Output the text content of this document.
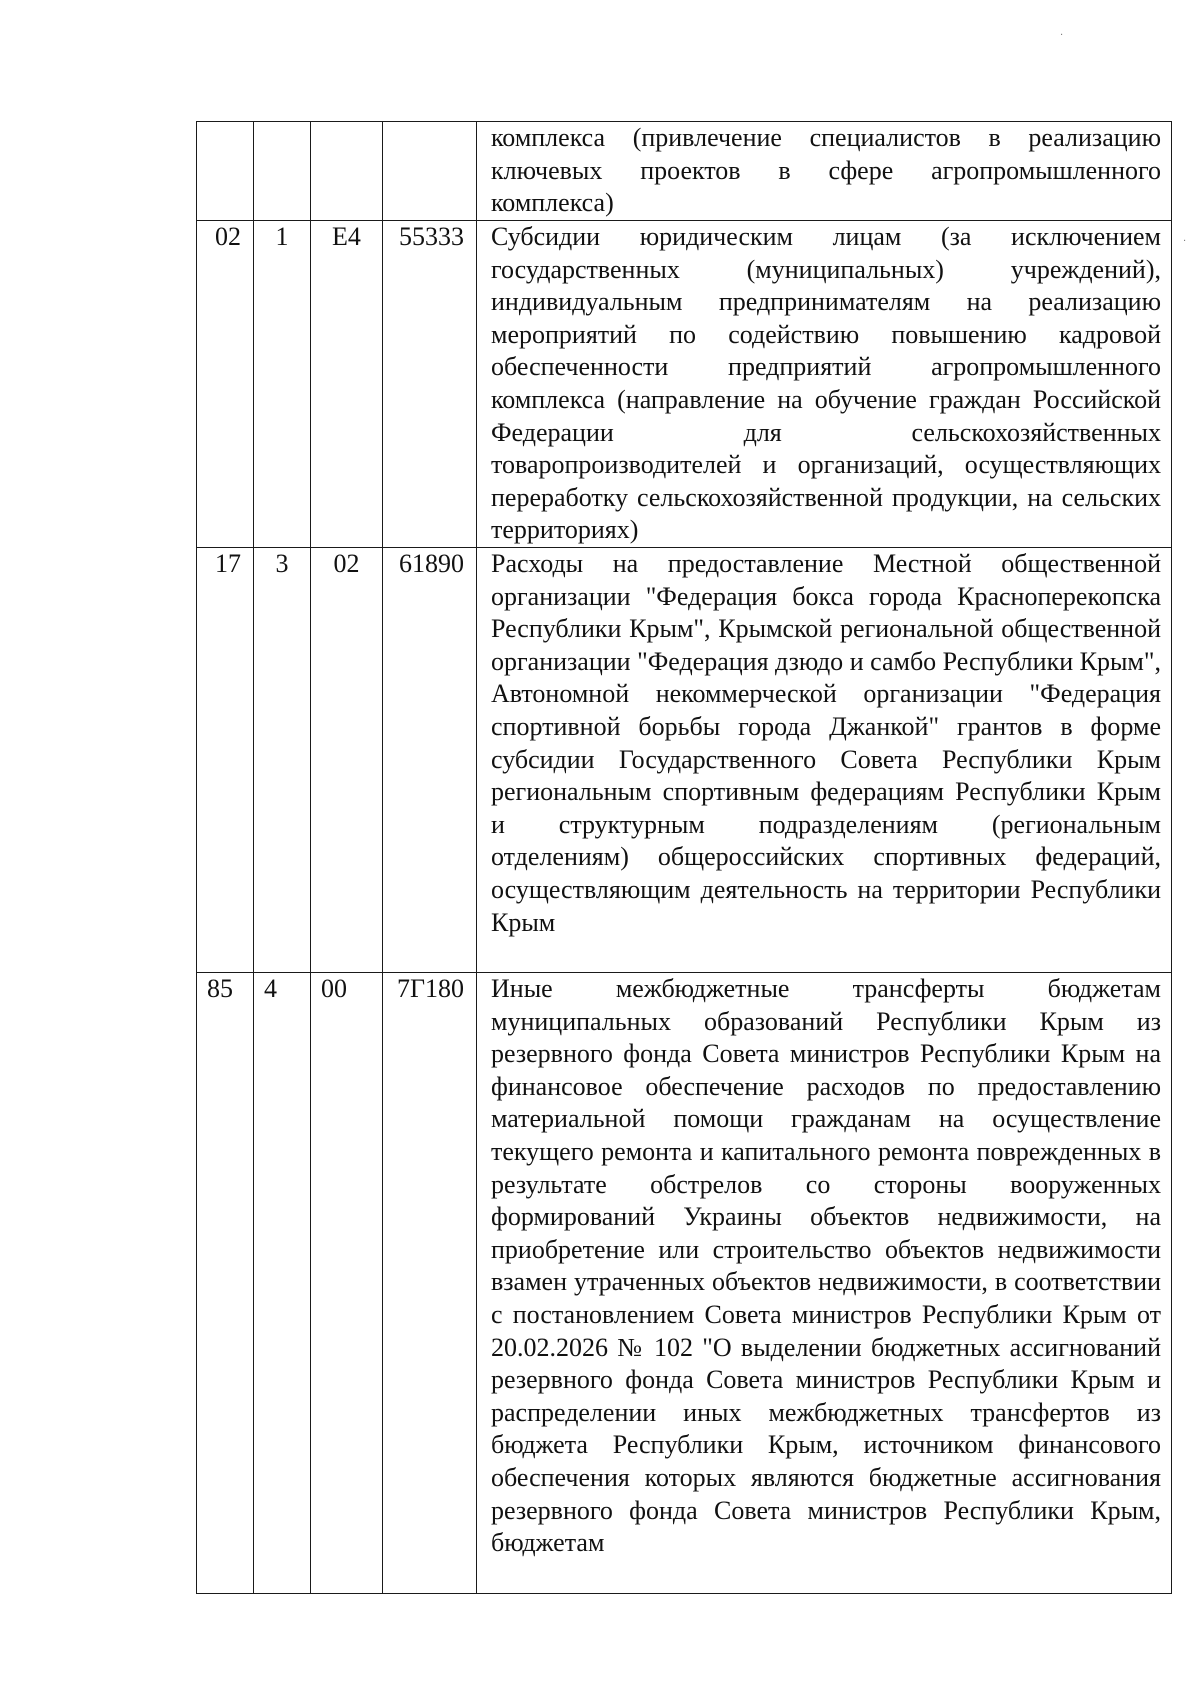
·
·

				комплекса (привлечение специалистов в реализацию ключевых проектов в сфере агропромышленного комплекса)

02	1	Е4	55333	Субсидии юридическим лицам (за исключением государственных (муниципальных) учреждений), индивидуальным предпринимателям на реализацию мероприятий по содействию повышению кадровой обеспеченности предприятий агропромышленного комплекса (направление на обучение граждан Российской Федерации для сельскохозяйственных товаропроизводителей и организаций, осуществляющих переработку сельскохозяйственной продукции, на сельских территориях)

17	3	02	61890	Расходы на предоставление Местной общественной организации "Федерация бокса города Красноперекопска Республики Крым", Крымской региональной общественной организации "Федерация дзюдо и самбо Республики Крым", Автономной некоммерческой организации "Федерация спортивной борьбы города Джанкой" грантов в форме субсидии Государственного Совета Республики Крым региональным спортивным федерациям Республики Крым и структурным подразделениям (региональным отделениям) общероссийских спортивных федераций, осуществляющим деятельность на территории Республики Крым

85	4	00	7Г180	Иные межбюджетные трансферты бюджетам муниципальных образований Республики Крым из резервного фонда Совета министров Республики Крым на финансовое обеспечение расходов по предоставлению материальной помощи гражданам на осуществление текущего ремонта и капитального ремонта поврежденных в результате обстрелов со стороны вооруженных формирований Украины объектов недвижимости, на приобретение или строительство объектов недвижимости взамен утраченных объектов недвижимости, в соответствии с постановлением Совета министров Республики Крым от 20.02.2026 № 102 "О выделении бюджетных ассигнований резервного фонда Совета министров Республики Крым и распределении иных межбюджетных трансфертов из бюджета Республики Крым, источником финансового обеспечения которых являются бюджетные ассигнования резервного фонда Совета министров Республики Крым, бюджетам
